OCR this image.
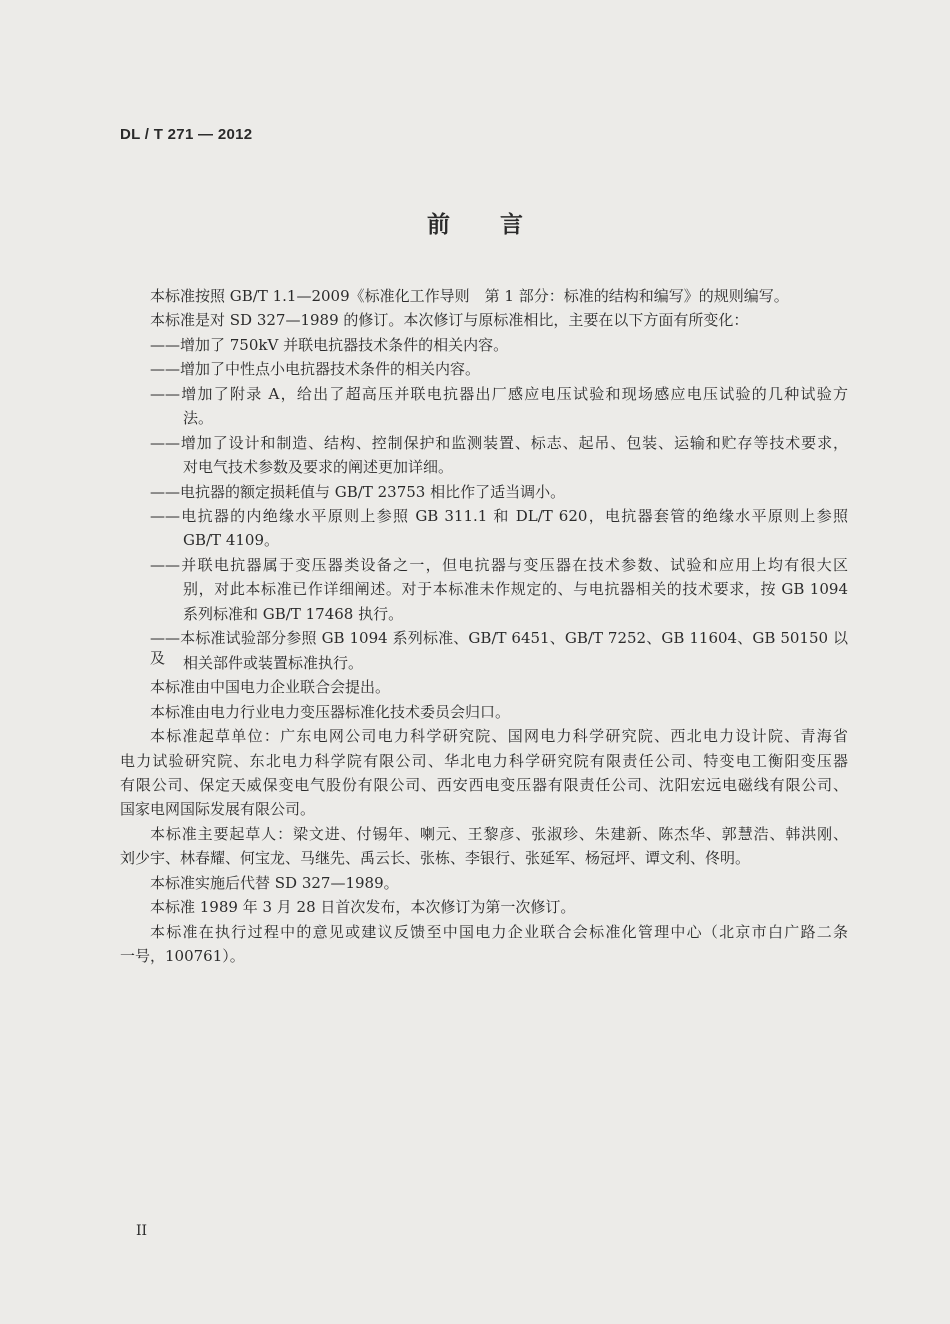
DL / T 271 — 2012
前言
本标准按照 GB/T 1.1—2009《标准化工作导则　第 1 部分：标准的结构和编写》的规则编写。
本标准是对 SD 327—1989 的修订。本次修订与原标准相比，主要在以下方面有所变化：
——增加了 750kV 并联电抗器技术条件的相关内容。
——增加了中性点小电抗器技术条件的相关内容。
——增加了附录 A，给出了超高压并联电抗器出厂感应电压试验和现场感应电压试验的几种试验方
法。
——增加了设计和制造、结构、控制保护和监测装置、标志、起吊、包装、运输和贮存等技术要求，
对电气技术参数及要求的阐述更加详细。
——电抗器的额定损耗值与 GB/T 23753 相比作了适当调小。
——电抗器的内绝缘水平原则上参照 GB 311.1 和 DL/T 620，电抗器套管的绝缘水平原则上参照
GB/T 4109。
——并联电抗器属于变压器类设备之一，但电抗器与变压器在技术参数、试验和应用上均有很大区
别，对此本标准已作详细阐述。对于本标准未作规定的、与电抗器相关的技术要求，按 GB 1094
系列标准和 GB/T 17468 执行。
——本标准试验部分参照 GB 1094 系列标准、GB/T 6451、GB/T 7252、GB 11604、GB 50150 以及	相关部件或装置标准执行。
本标准由中国电力企业联合会提出。
本标准由电力行业电力变压器标准化技术委员会归口。
本标准起草单位：广东电网公司电力科学研究院、国网电力科学研究院、西北电力设计院、青海省
电力试验研究院、东北电力科学院有限公司、华北电力科学研究院有限责任公司、特变电工衡阳变压器
有限公司、保定天威保变电气股份有限公司、西安西电变压器有限责任公司、沈阳宏远电磁线有限公司、
国家电网国际发展有限公司。
本标准主要起草人：梁文进、付锡年、喇元、王黎彦、张淑珍、朱建新、陈杰华、郭慧浩、韩洪刚、
刘少宇、林春耀、何宝龙、马继先、禹云长、张栋、李银行、张延军、杨冠坪、谭文利、佟明。
本标准实施后代替 SD 327—1989。
本标准 1989 年 3 月 28 日首次发布，本次修订为第一次修订。
本标准在执行过程中的意见或建议反馈至中国电力企业联合会标准化管理中心（北京市白广路二条
一号，100761）。
II
